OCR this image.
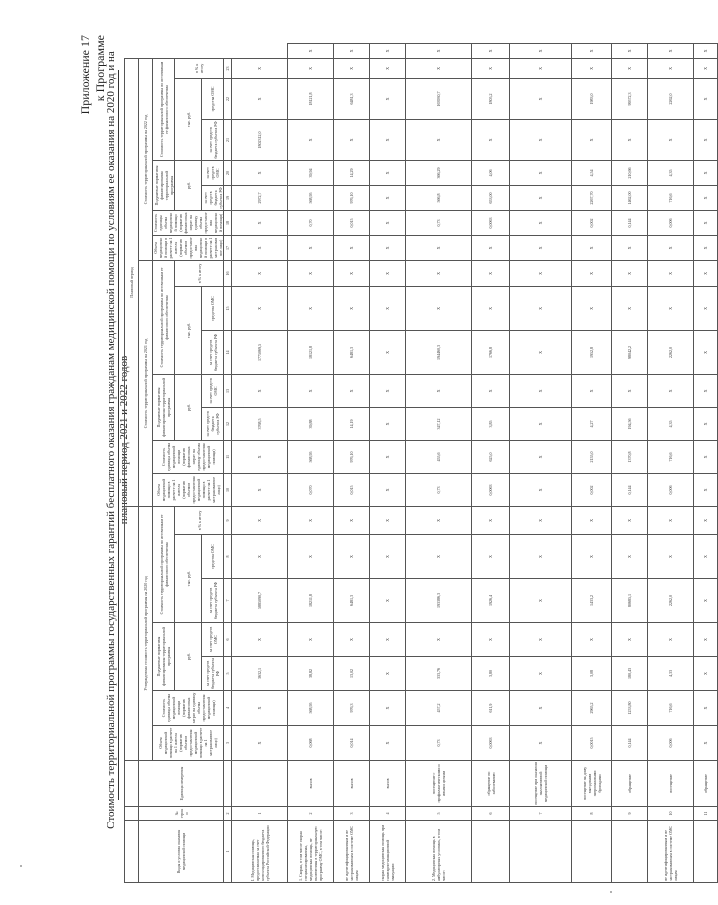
Приложение 17 к Программе
Стоимость территориальной программы государственных гарантий бесплатного оказания гражданам медицинской помощи по условиям ее оказания на 2020 год и на плановый период 2021 и 2022 годов
										Плановый период														
Виды и условия оказания медицинской помощи	№ строки	Единица измерения	Утвержденная стоимость территориальной программы на 2020 год							Стоимость территориальной программы на 2021 год							Стоимость территориальной программы на 2022 год							
			Объем медицинской помощи в расчете на 1 жителя (норматив объемов предоставления медицинской помощи в расчете на 1 застрахованное лицо)	Стоимость единицы объема медицинской помощи (норматив финансовых затрат на единицу объема предоставления медицинской помощи)	Подушевые нормативы финансирования территориальной программы		Стоимость территориальной программы по источникам ее финансового обеспечения			Объем медицинской помощи в расчете на 1 жителя (норматив объемов предоставления медицинской помощи в расчете на 1 застрахованное лицо)	Стоимость единицы объема медицинской помощи (норматив финансовых затрат на единицу объема предоставления медицинской помощи)	Подушевые нормативы финансирования территориальной программы		Стоимость территориальной программы по источникам ее финансового обеспечения			Объем медицинской помощи в расчете на 1 жителя (норматив объемов предоставления медицинской помощи в расчете на 1 застрахованное лицо)	Стоимость единицы объема медицинской помощи (норматив финансовых затрат на единицу объема предоставления медицинской помощи)	Подушевые нормативы финансирования территориальной программы		Стоимость территориальной программы по источникам ее финансового обеспечения			
					руб.		тыс. руб.		в % к итогу			руб.		тыс. руб.		в % к итогу			руб.		тыс. руб.		в % к итогу	
					за счет средств бюджета субъекта РФ	за счет средств ОМС	за счет средств бюджета субъекта РФ	средства ОМС				за счет средств бюджета субъекта РФ	за счет средств ОМС	за счет средств бюджета субъекта РФ	средства ОМС				за счет средств бюджета субъекта РФ	за счет средств ОМС	за счет средств бюджета субъекта РФ	средства ОМС		
1	2		3	4	5	6	7	8	9	10	11	12	13	14	15	16	17	18	19	20	21	22	23	
I. Медицинская помощь, предоставляемая за счет консолидированного бюджета субъекта Российской Федерации	1		X	X	3632,1	X	5885090,7	X	X	X	X	3768,5	X	1775069,5	X	X	X	X	2972,7	X	1802312,0	X	X	
1. Скорая, в том числе скорая специализированная, медицинская помощь, не включенная в территориальную программу ОМС, в том числе:	2	вызов	0,068	568,95	38,82	X	18211,8	X	X	0,070	568,95	39,88	X	18121,8	X	X	X	0,70	568,95	39,94	X	18121,8	X	X
не идентифицированным и не застрахованным в системе ОМС лицам	3	вызов	0,014	976,3	13,02	X	6481,3	X	X	0,015	976,10	14,19	X	6481,3	X	X	X	0,015	976,10	14,29	X	6481,3	X	X
скорая медицинская помощь при санитарно-авиационной эвакуации	4	вызов	X	X	X	X	X	X	X	X	X	X	X	X	X	X	X	X	X	X	X	X	X	X
2. Медицинская помощь в амбулаторных условиях, в том числе:	5	посещение с профилактическими и иными целями	0,73	457,2	333,76	X	193386,3	X	X	0,73	455,6	347,12	X	194460,3	X	X	X	0,73	566,8	366,29	X	163930,7	X	X
	6	обращение по заболеванию	0,0063	611,9	3,80	X	1926,4	X	X	0,0063	625,0	3,85	X	1766,8	X	X	X	0,0063	653,00	4,06	X	1805,2	X	X
	7	посещение при оказании паллиативной медицинской помощи	X	X	X	X	X	X	X	X	X	X	X	X	X	X	X	X	X	X	X	X	X	X
	8	посещение на дому выездными патронажными бригадами	0,0015	2965,2	3,08	X	1433,2	X	X	0,002	2155,0	4,27	X	1952,8	X	X	X	0,002	2267,70	4,54	X	1983,0	X	X
	9	обращение	0,144	1253,80	180,43	X	80685,1	X	X	0,144	1370,8	194,56	X	98042,2	X	X	X	0,144	1462,00	210,66	X	99572,3	X	X
не идентифицированным и не застрахованным в системе ОМС лицам	10	посещение	0,006	716,6	4,33	X	2262,0	X	X	0,006	716,6	4,35	X	2262,0	X	X	X	0,006	716,6	4,35	X	2262,0	X	X
	11	обращение	X	X	X	X	X	X	X	X	X	X	X	X	X	X	X	X	X	X	X	X	X	X
